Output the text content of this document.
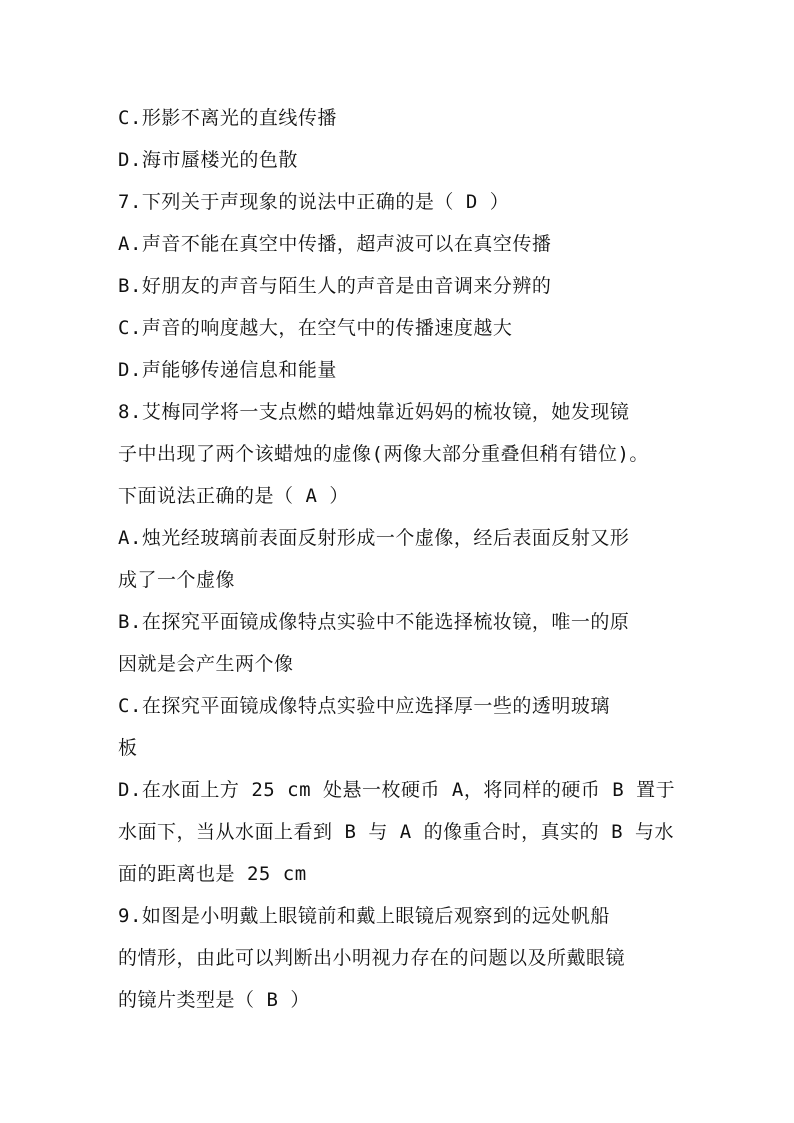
C.形影不离光的直线传播
D.海市蜃楼光的色散
7.下列关于声现象的说法中正确的是（ D ）
A.声音不能在真空中传播，超声波可以在真空传播
B.好朋友的声音与陌生人的声音是由音调来分辨的
C.声音的响度越大，在空气中的传播速度越大
D.声能够传递信息和能量
8.艾梅同学将一支点燃的蜡烛靠近妈妈的梳妆镜，她发现镜
子中出现了两个该蜡烛的虚像(两像大部分重叠但稍有错位)。
下面说法正确的是（ A ）
A.烛光经玻璃前表面反射形成一个虚像，经后表面反射又形
成了一个虚像
B.在探究平面镜成像特点实验中不能选择梳妆镜，唯一的原
因就是会产生两个像
C.在探究平面镜成像特点实验中应选择厚一些的透明玻璃
板
D.在水面上方 25 cm 处悬一枚硬币 A，将同样的硬币 B 置于
水面下，当从水面上看到 B 与 A 的像重合时，真实的 B 与水
面的距离也是 25 cm
9.如图是小明戴上眼镜前和戴上眼镜后观察到的远处帆船
的情形，由此可以判断出小明视力存在的问题以及所戴眼镜
的镜片类型是（ B ）
